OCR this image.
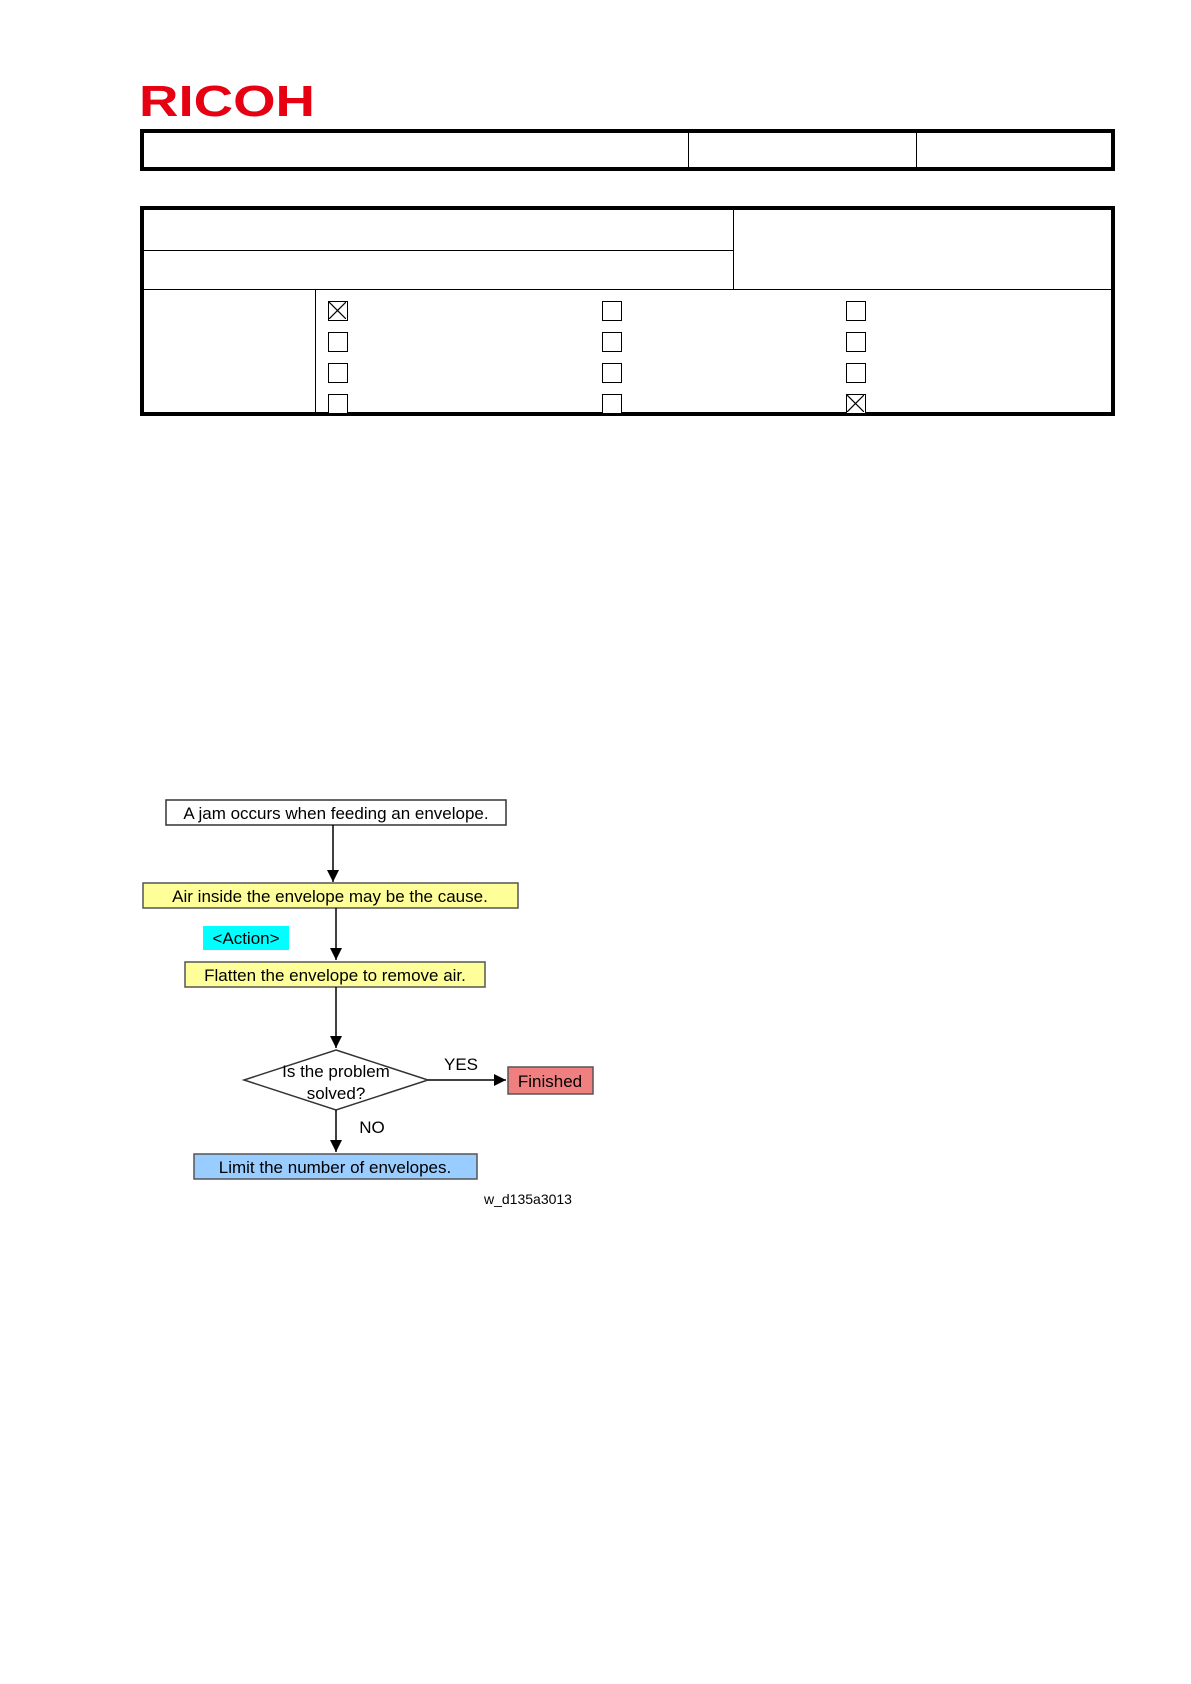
RICOH
A jam occurs when feeding an envelope.
Air inside the envelope may be the cause.
<Action>
Flatten the envelope to remove air.
Is the problem
solved?
YES
Finished
NO
Limit the number of envelopes.
w_d135a3013
